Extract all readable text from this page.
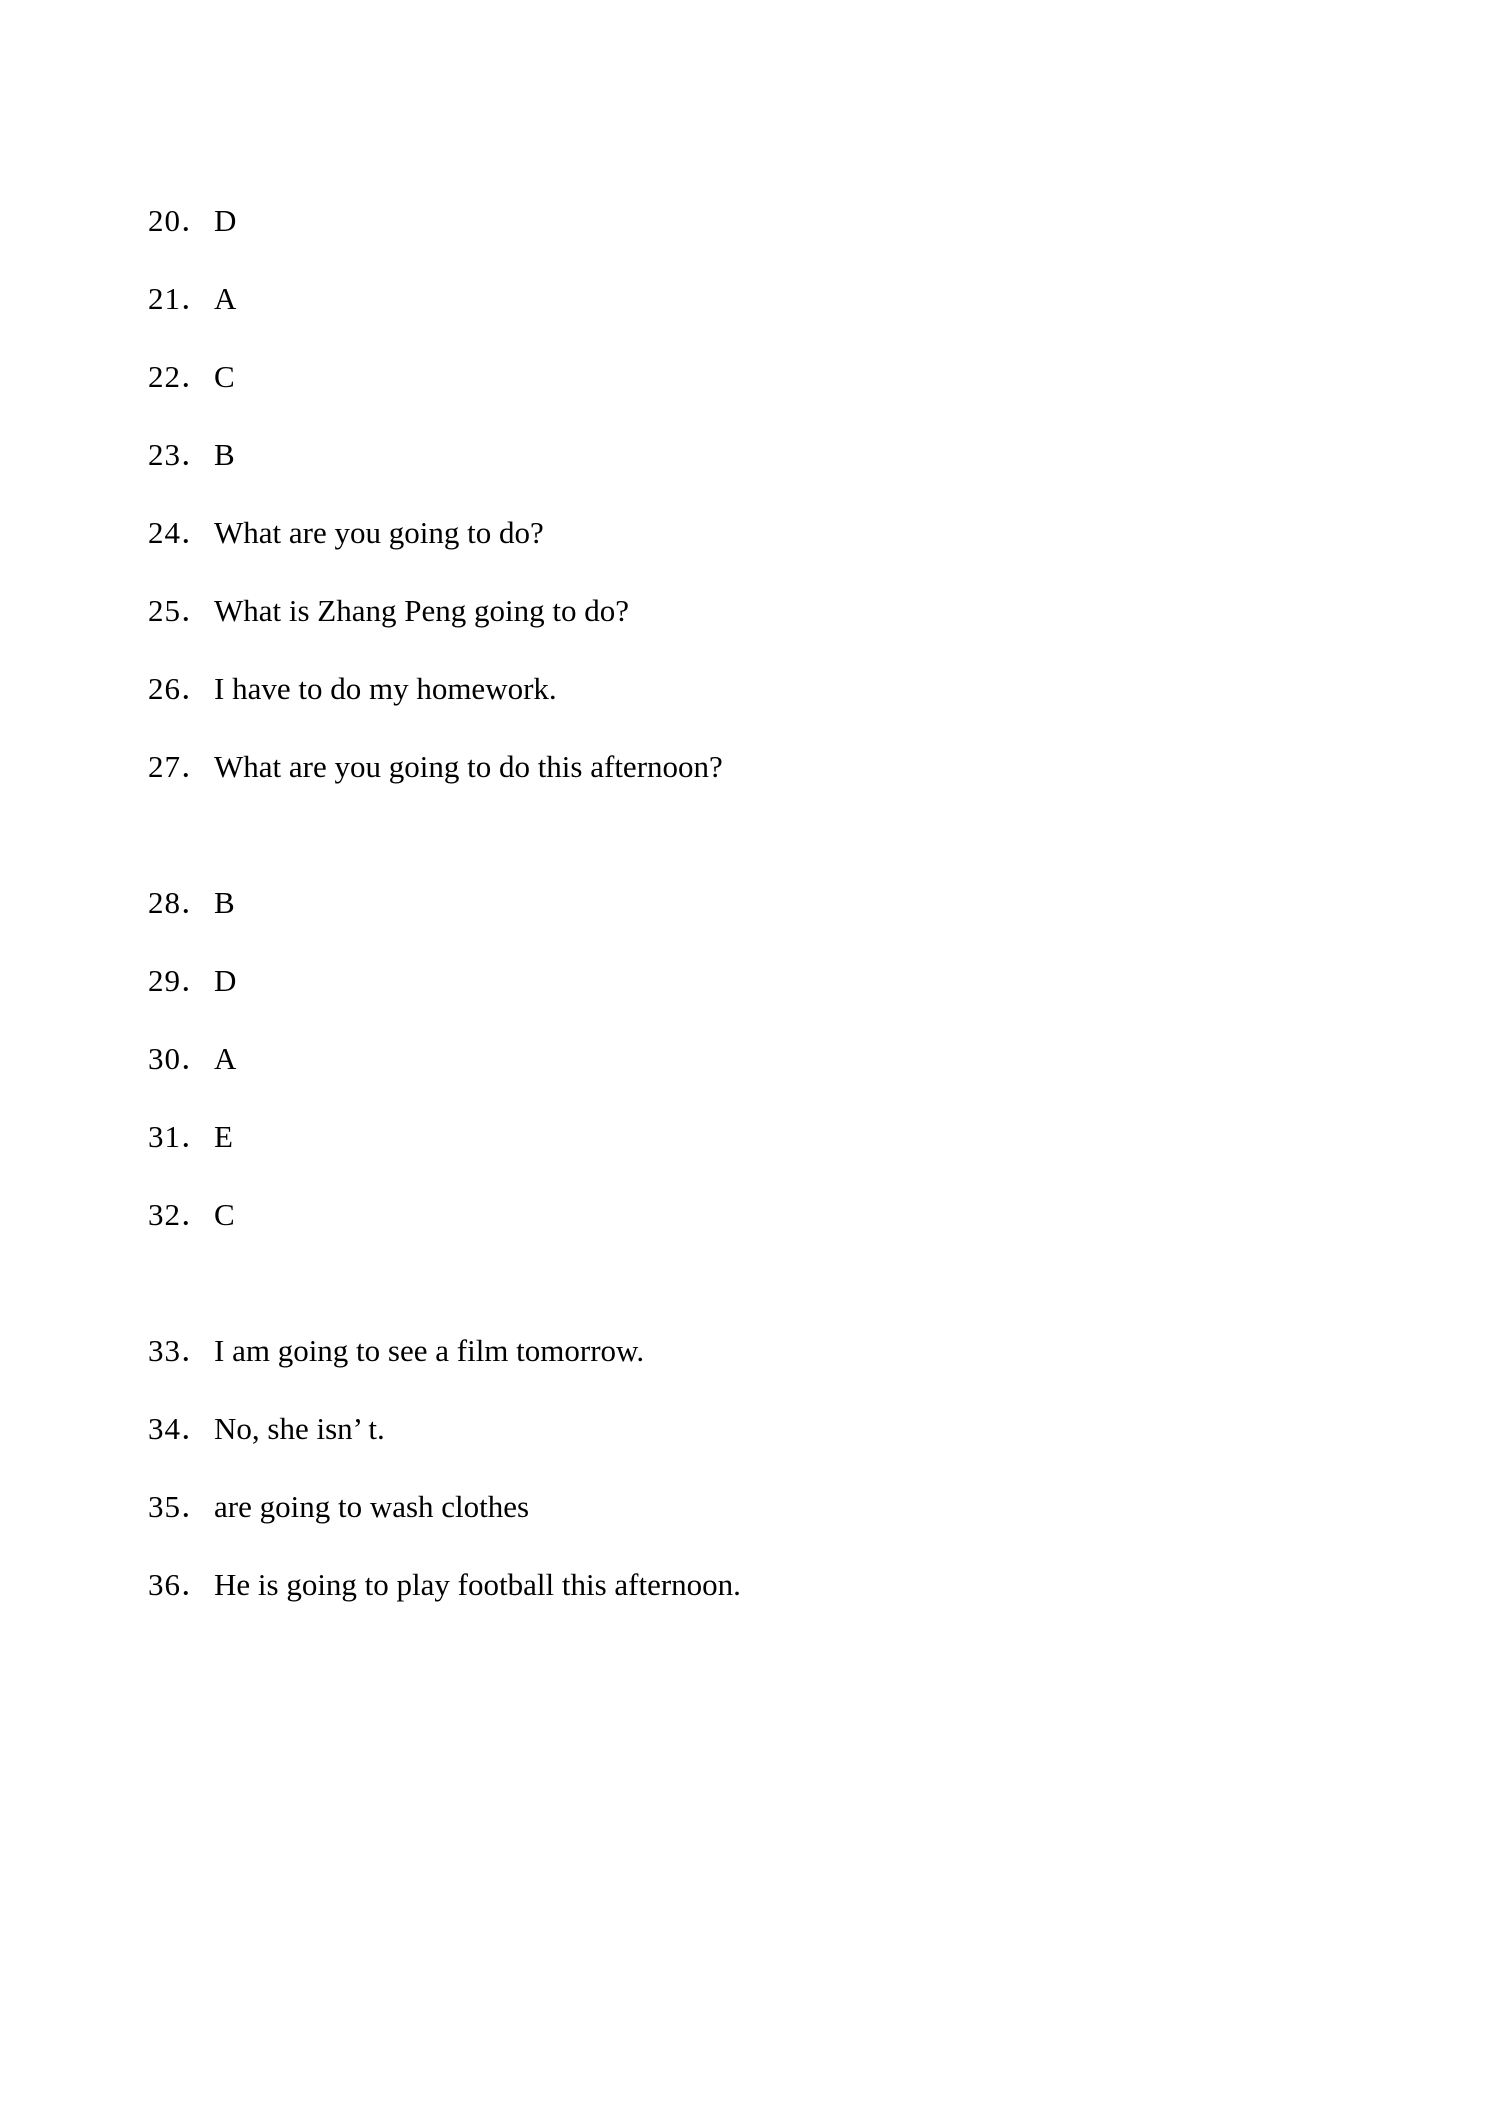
20． D
21． A
22． C
23． B
24． What are you going to do?
25． What is Zhang Peng going to do?
26． I have to do my homework.
27． What are you going to do this afternoon?
28． B
29． D
30． A
31． E
32． C
33． I am going to see a film tomorrow.
34． No, she isn’ t.
35． are going to wash clothes
36． He is going to play football this afternoon.
